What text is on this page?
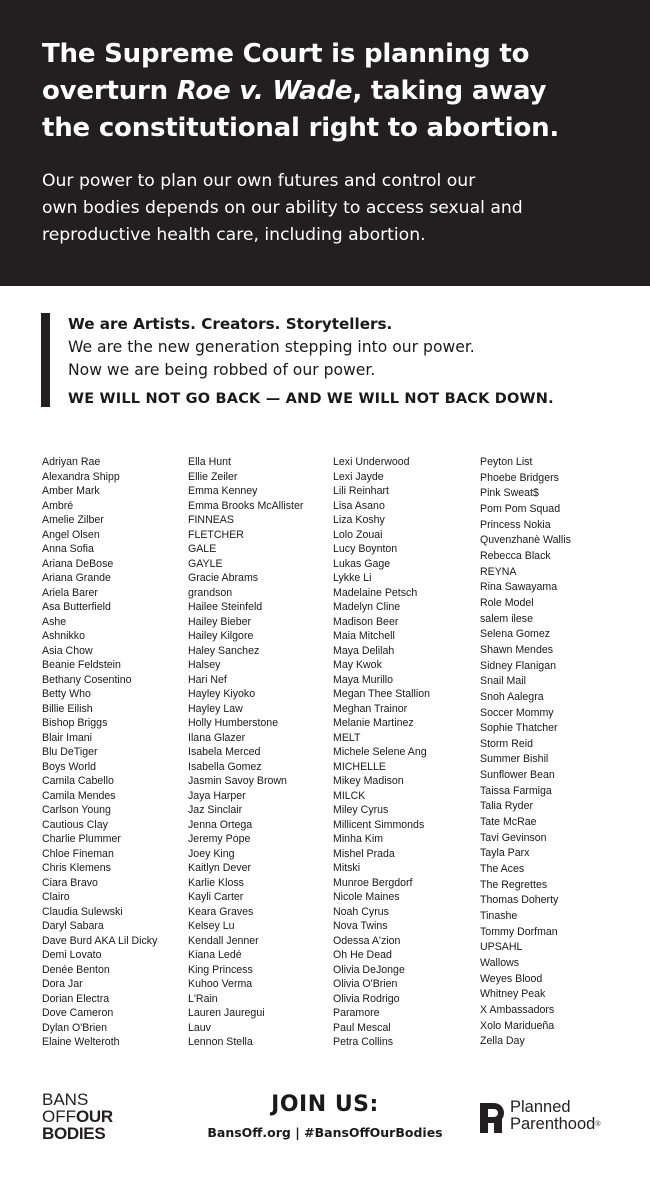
The Supreme Court is planning to
overturn Roe v. Wade, taking away
the constitutional right to abortion.

Our power to plan our own futures and control our
own bodies depends on our ability to access sexual and
reproductive health care, including abortion.

We are Artists. Creators. Storytellers.
We are the new generation stepping into our power.
Now we are being robbed of our power.
WE WILL NOT GO BACK — AND WE WILL NOT BACK DOWN.
Adriyan Rae
Alexandra Shipp
Amber Mark
Ambré
Amelie Zilber
Angel Olsen
Anna Sofia
Ariana DeBose
Ariana Grande
Ariela Barer
Asa Butterfield
Ashe
Ashnikko
Asia Chow
Beanie Feldstein
Bethany Cosentino
Betty Who
Billie Eilish
Bishop Briggs
Blair Imani
Blu DeTiger
Boys World
Camila Cabello
Camila Mendes
Carlson Young
Cautious Clay
Charlie Plummer
Chloe Fineman
Chris Klemens
Ciara Bravo
Clairo
Claudia Sulewski
Daryl Sabara
Dave Burd AKA Lil Dicky
Demi Lovato
Denée Benton
Dora Jar
Dorian Electra
Dove Cameron
Dylan O'Brien
Elaine Welteroth
Ella Hunt
Ellie Zeiler
Emma Kenney
Emma Brooks McAllister
FINNEAS
FLETCHER
GALE
GAYLE
Gracie Abrams
grandson
Hailee Steinfeld
Hailey Bieber
Hailey Kilgore
Haley Sanchez
Halsey
Hari Nef
Hayley Kiyoko
Hayley Law
Holly Humberstone
Ilana Glazer
Isabela Merced
Isabella Gomez
Jasmin Savoy Brown
Jaya Harper
Jaz Sinclair
Jenna Ortega
Jeremy Pope
Joey King
Kaitlyn Dever
Karlie Kloss
Kayli Carter
Keara Graves
Kelsey Lu
Kendall Jenner
Kiana Ledé
King Princess
Kuhoo Verma
L'Rain
Lauren Jauregui
Lauv
Lennon Stella
Lexi Underwood
Lexi Jayde
Lili Reinhart
Lisa Asano
Liza Koshy
Lolo Zouai
Lucy Boynton
Lukas Gage
Lykke Li
Madelaine Petsch
Madelyn Cline
Madison Beer
Maia Mitchell
Maya Delilah
May Kwok
Maya Murillo
Megan Thee Stallion
Meghan Trainor
Melanie Martinez
MELT
Michele Selene Ang
MICHELLE
Mikey Madison
MILCK
Miley Cyrus
Millicent Simmonds
Minha Kim
Mishel Prada
Mitski
Munroe Bergdorf
Nicole Maines
Noah Cyrus
Nova Twins
Odessa A'zion
Oh He Dead
Olivia DeJonge
Olivia O'Brien
Olivia Rodrigo
Paramore
Paul Mescal
Petra Collins
Peyton List
Phoebe Bridgers
Pink Sweat$
Pom Pom Squad
Princess Nokia
Quvenzhanè Wallis
Rebecca Black
REYNA
Rina Sawayama
Role Model
salem ilese
Selena Gomez
Shawn Mendes
Sidney Flanigan
Snail Mail
Snoh Aalegra
Soccer Mommy
Sophie Thatcher
Storm Reid
Summer Bishil
Sunflower Bean
Taissa Farmiga
Talia Ryder
Tate McRae
Tavi Gevinson
Tayla Parx
The Aces
The Regrettes
Thomas Doherty
Tinashe
Tommy Dorfman
UPSAHL
Wallows
Weyes Blood
Whitney Peak
X Ambassadors
Xolo Maridueña
Zella Day
BANS
OFFOUR
BODIES
JOIN US:
BansOff.org | #BansOffOurBodies
Planned
Parenthood®
